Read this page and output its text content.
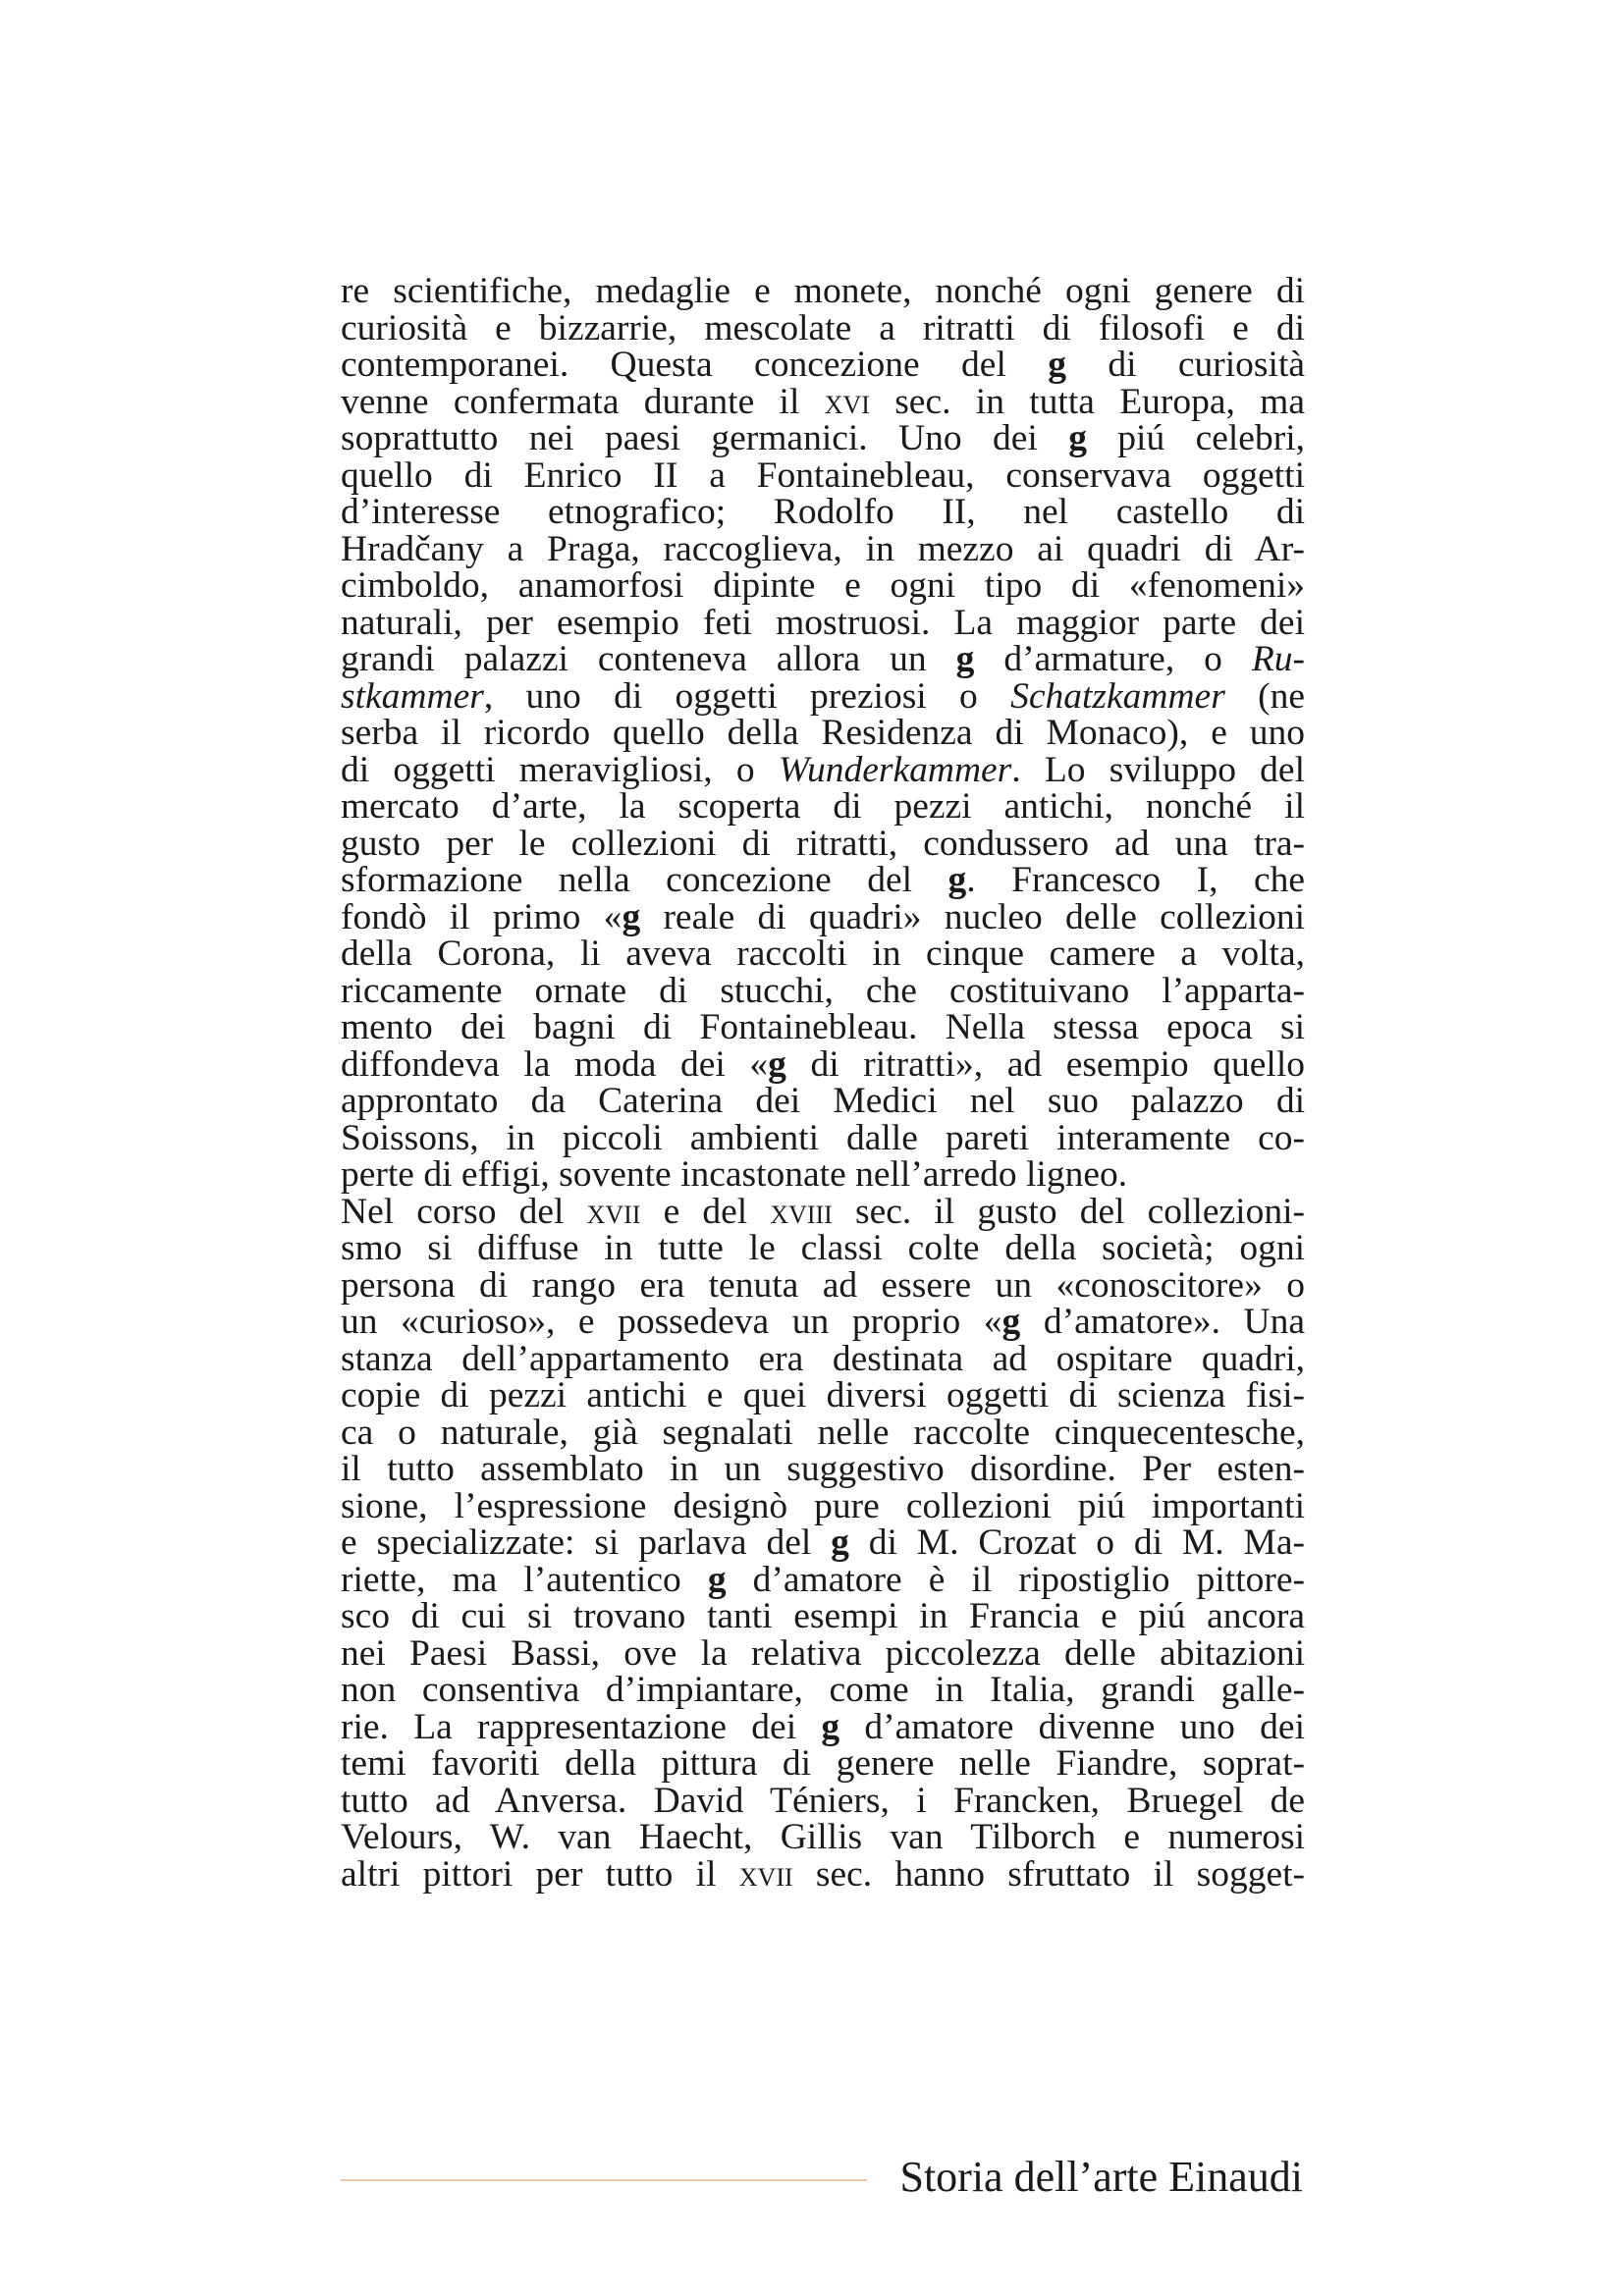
re scientifiche, medaglie e monete, nonché ogni genere di
curiosità e bizzarrie, mescolate a ritratti di filosofi e di
contemporanei. Questa concezione del g di curiosità
venne confermata durante il xvi sec. in tutta Europa, ma
soprattutto nei paesi germanici. Uno dei g piú celebri,
quello di Enrico II a Fontainebleau, conservava oggetti
d’interesse etnografico; Rodolfo II, nel castello di
Hradčany a Praga, raccoglieva, in mezzo ai quadri di Ar-
cimboldo, anamorfosi dipinte e ogni tipo di «fenomeni»
naturali, per esempio feti mostruosi. La maggior parte dei
grandi palazzi conteneva allora un g d’armature, o Ru-
stkammer, uno di oggetti preziosi o Schatzkammer (ne
serba il ricordo quello della Residenza di Monaco), e uno
di oggetti meravigliosi, o Wunderkammer. Lo sviluppo del
mercato d’arte, la scoperta di pezzi antichi, nonché il
gusto per le collezioni di ritratti, condussero ad una tra-
sformazione nella concezione del g. Francesco I, che
fondò il primo «g reale di quadri» nucleo delle collezioni
della Corona, li aveva raccolti in cinque camere a volta,
riccamente ornate di stucchi, che costituivano l’apparta-
mento dei bagni di Fontainebleau. Nella stessa epoca si
diffondeva la moda dei «g di ritratti», ad esempio quello
approntato da Caterina dei Medici nel suo palazzo di
Soissons, in piccoli ambienti dalle pareti interamente co-
perte di effigi, sovente incastonate nell’arredo ligneo.
Nel corso del xvii e del xviii sec. il gusto del collezioni-
smo si diffuse in tutte le classi colte della società; ogni
persona di rango era tenuta ad essere un «conoscitore» o
un «curioso», e possedeva un proprio «g d’amatore». Una
stanza dell’appartamento era destinata ad ospitare quadri,
copie di pezzi antichi e quei diversi oggetti di scienza fisi-
ca o naturale, già segnalati nelle raccolte cinquecentesche,
il tutto assemblato in un suggestivo disordine. Per esten-
sione, l’espressione designò pure collezioni piú importanti
e specializzate: si parlava del g di M. Crozat o di M. Ma-
riette, ma l’autentico g d’amatore è il ripostiglio pittore-
sco di cui si trovano tanti esempi in Francia e piú ancora
nei Paesi Bassi, ove la relativa piccolezza delle abitazioni
non consentiva d’impiantare, come in Italia, grandi galle-
rie. La rappresentazione dei g d’amatore divenne uno dei
temi favoriti della pittura di genere nelle Fiandre, soprat-
tutto ad Anversa. David Téniers, i Francken, Bruegel de
Velours, W. van Haecht, Gillis van Tilborch e numerosi
altri pittori per tutto il xvii sec. hanno sfruttato il sogget-
Storia dell’arte Einaudi
